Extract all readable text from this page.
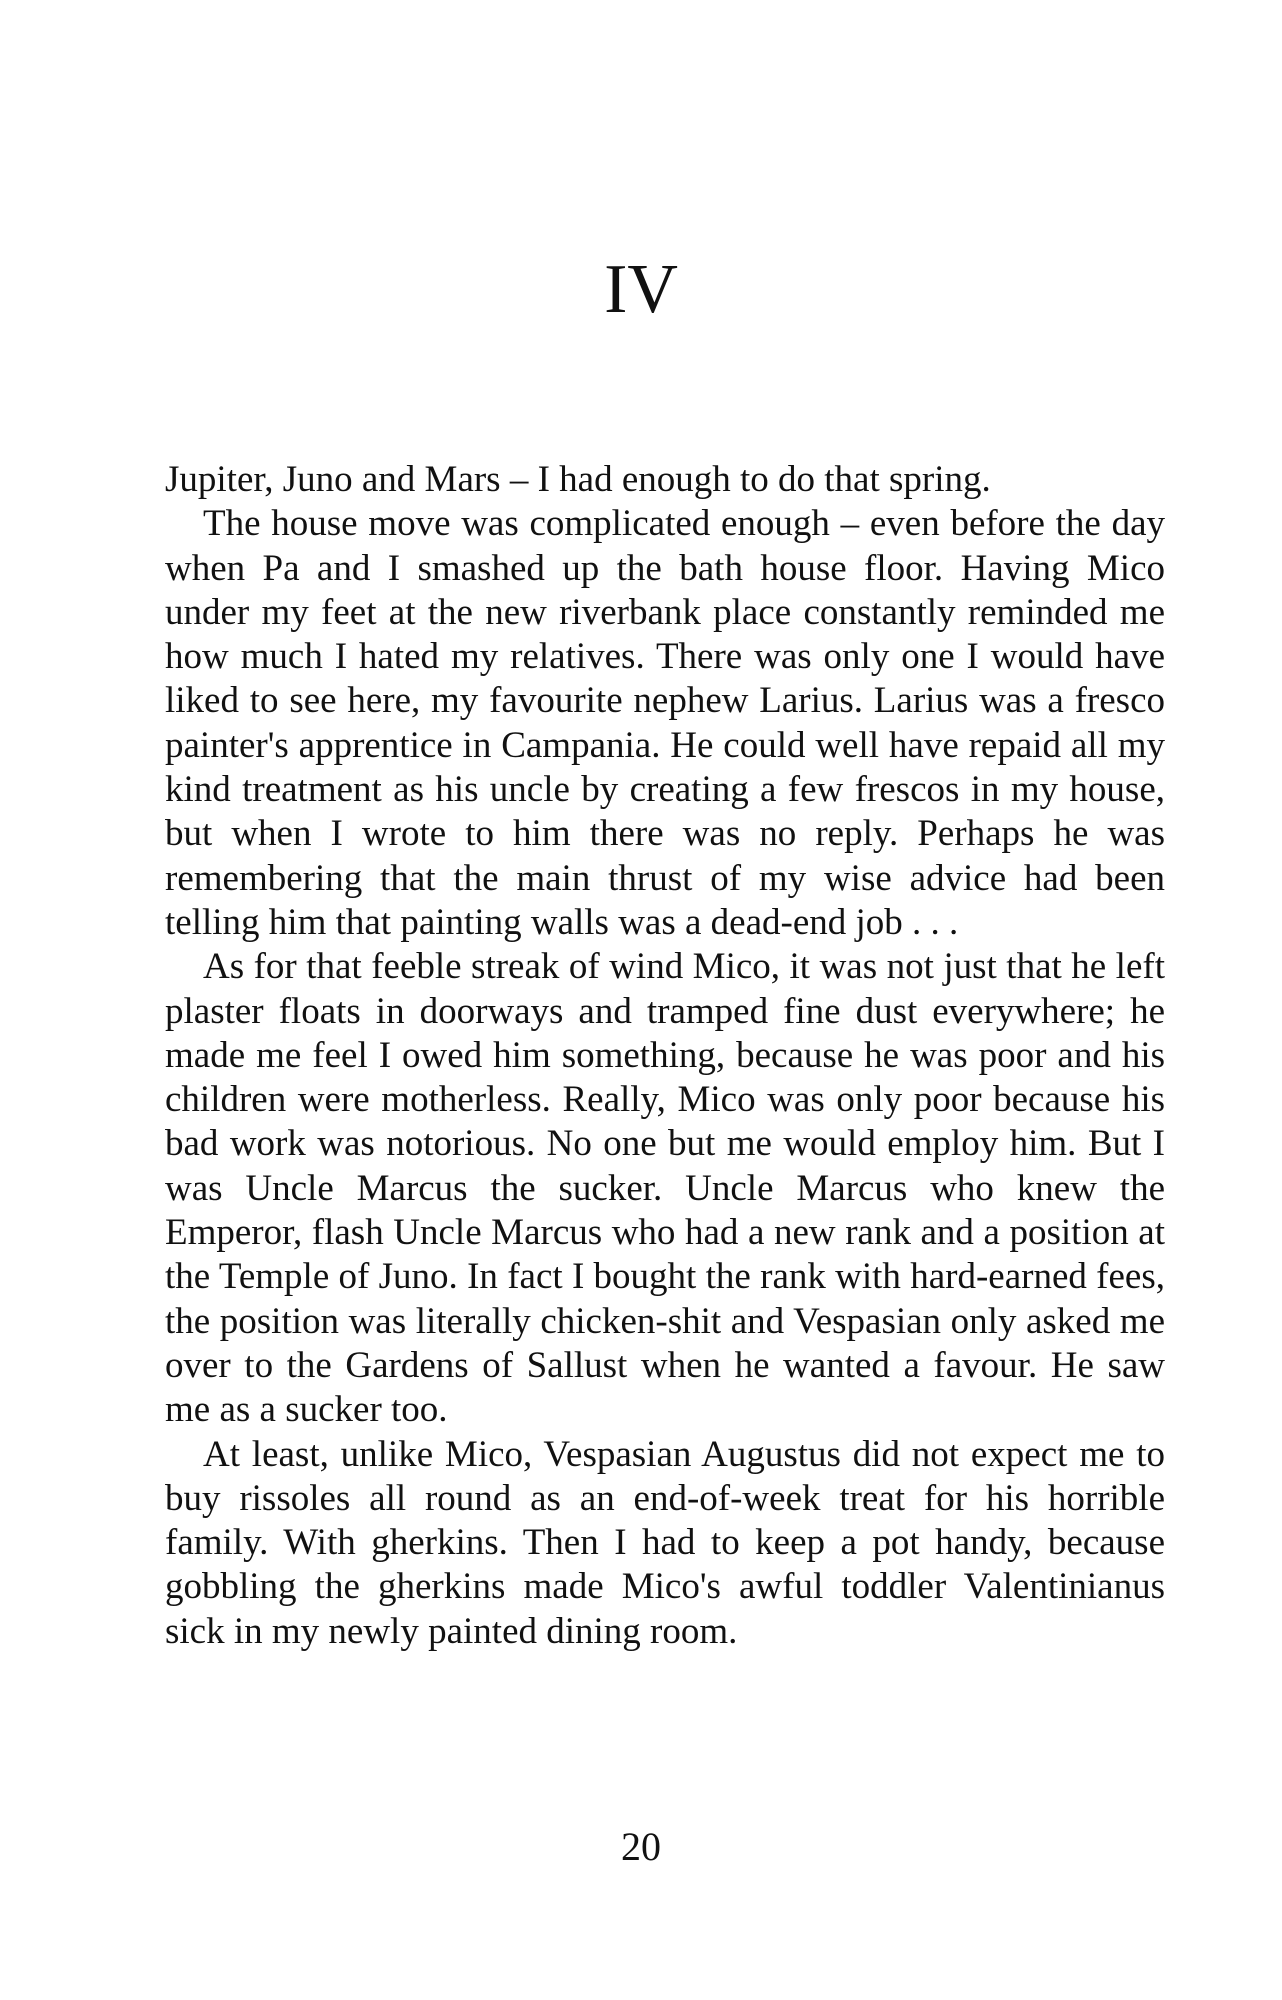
IV

Jupiter, Juno and Mars – I had enough to do that spring.

The house move was complicated enough – even before the day when Pa and I smashed up the bath house floor. Having Mico under my feet at the new riverbank place constantly reminded me how much I hated my relatives. There was only one I would have liked to see here, my favourite nephew Larius. Larius was a fresco painter's apprentice in Campania. He could well have repaid all my kind treatment as his uncle by creating a few frescos in my house, but when I wrote to him there was no reply. Perhaps he was remembering that the main thrust of my wise advice had been telling him that painting walls was a dead-end job . . .

As for that feeble streak of wind Mico, it was not just that he left plaster floats in doorways and tramped fine dust everywhere; he made me feel I owed him something, because he was poor and his children were motherless. Really, Mico was only poor because his bad work was notorious. No one but me would employ him. But I was Uncle Marcus the sucker. Uncle Marcus who knew the Emperor, flash Uncle Marcus who had a new rank and a position at the Temple of Juno. In fact I bought the rank with hard-earned fees, the position was literally chicken-shit and Vespasian only asked me over to the Gardens of Sallust when he wanted a favour. He saw me as a sucker too.

At least, unlike Mico, Vespasian Augustus did not expect me to buy rissoles all round as an end-of-week treat for his horrible family. With gherkins. Then I had to keep a pot handy, because gobbling the gherkins made Mico's awful toddler Valentinianus sick in my newly painted dining room.

20
